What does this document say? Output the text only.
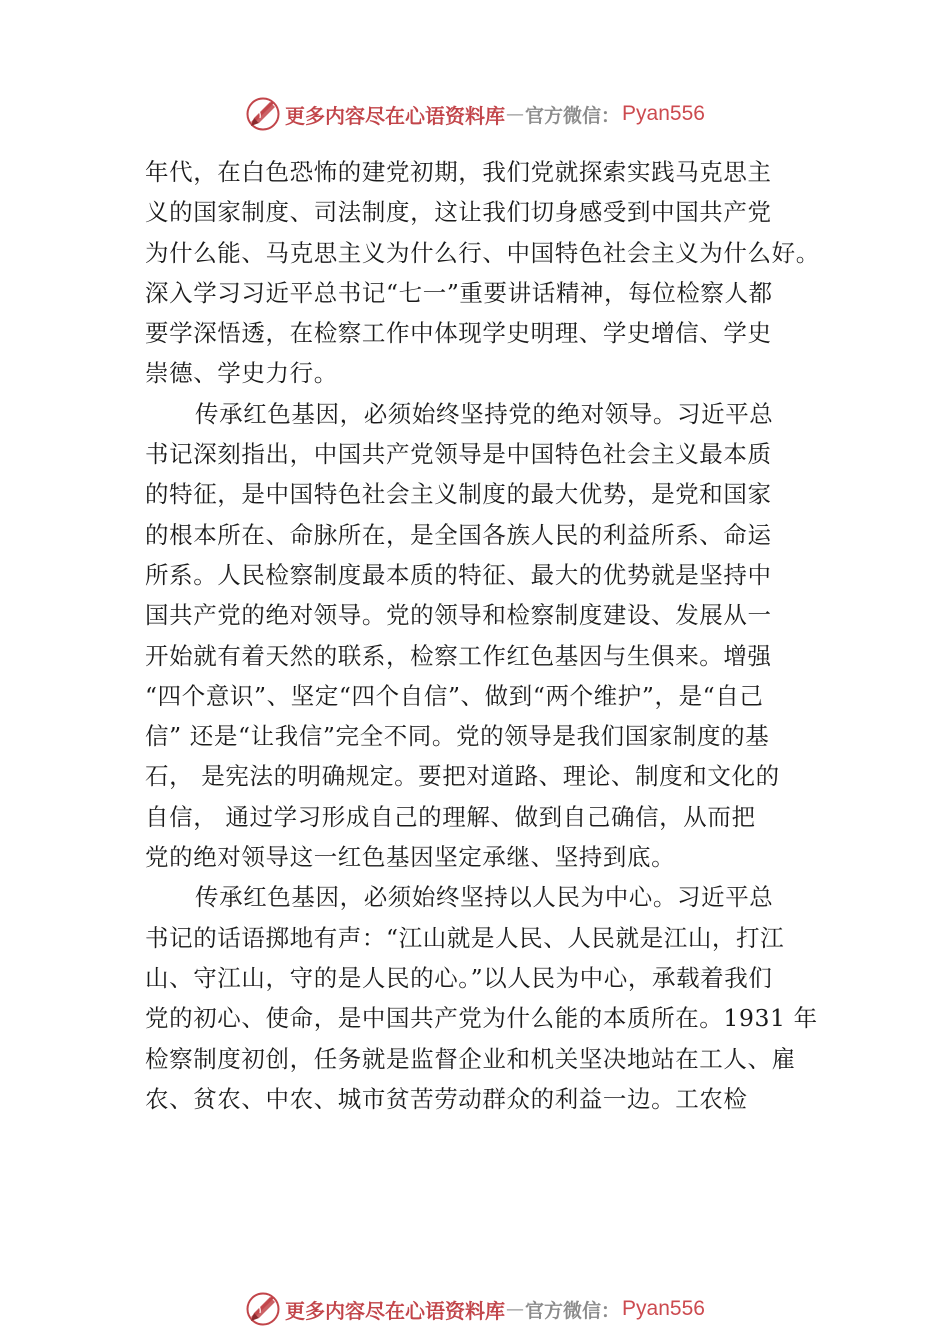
更多内容尽在心语资料库 — 官方微信： Pyan556
年代，在白色恐怖的建党初期，我们党就探索实践马克思主
义的国家制度、司法制度，这让我们切身感受到中国共产党
为什么能、马克思主义为什么行、中国特色社会主义为什么好。
深入学习习近平总书记“七一”重要讲话精神，每位检察人都
要学深悟透，在检察工作中体现学史明理、学史增信、学史
崇德、学史力行。
传承红色基因，必须始终坚持党的绝对领导。习近平总
书记深刻指出，中国共产党领导是中国特色社会主义最本质
的特征，是中国特色社会主义制度的最大优势，是党和国家
的根本所在、命脉所在，是全国各族人民的利益所系、命运
所系。人民检察制度最本质的特征、最大的优势就是坚持中
国共产党的绝对领导。党的领导和检察制度建设、发展从一
开始就有着天然的联系，检察工作红色基因与生俱来。增强
“四个意识”、坚定“四个自信”、做到“两个维护”，是“自己
信” 还是“让我信”完全不同。党的领导是我们国家制度的基
石， 是宪法的明确规定。要把对道路、理论、制度和文化的
自信， 通过学习形成自己的理解、做到自己确信，从而把
党的绝对领导这一红色基因坚定承继、坚持到底。
传承红色基因，必须始终坚持以人民为中心。习近平总
书记的话语掷地有声：“江山就是人民、人民就是江山，打江
山、守江山，守的是人民的心。”以人民为中心，承载着我们
党的初心、使命，是中国共产党为什么能的本质所在。1931 年
检察制度初创，任务就是监督企业和机关坚决地站在工人、雇
农、贫农、中农、城市贫苦劳动群众的利益一边。工农检
更多内容尽在心语资料库 — 官方微信： Pyan556
